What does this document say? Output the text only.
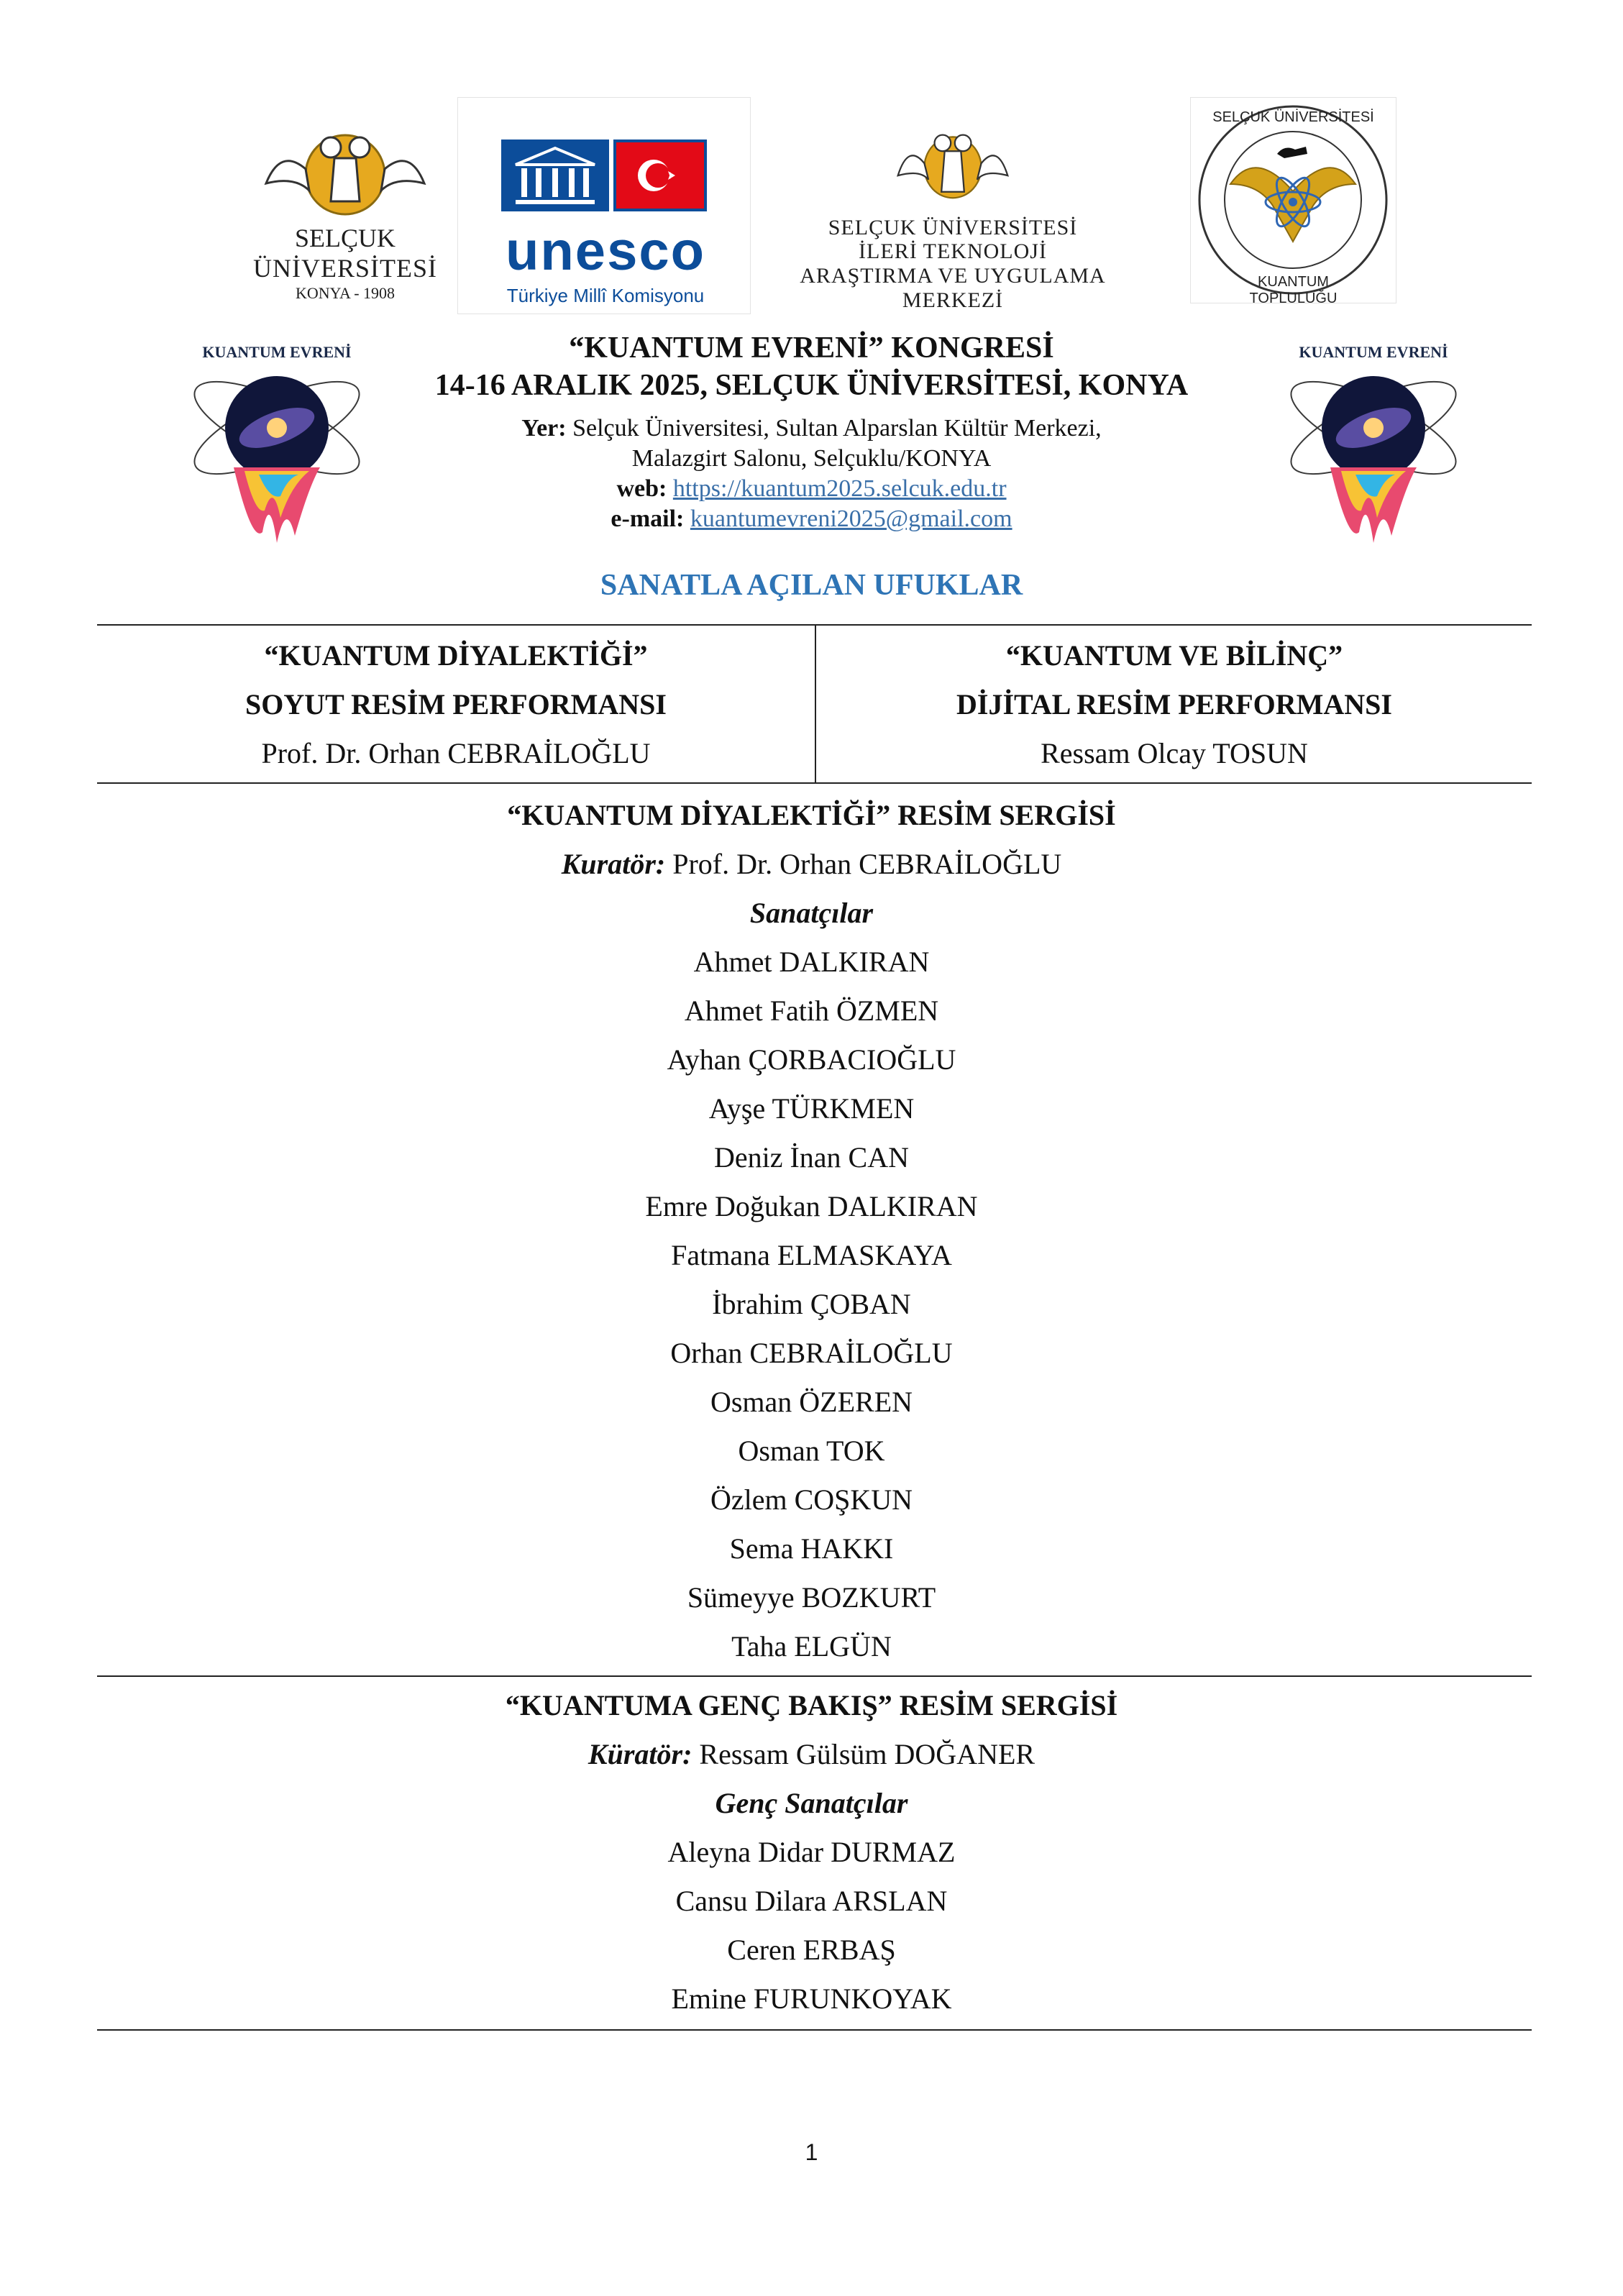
SELÇUK
ÜNİVERSİTESİ
KONYA - 1908
unesco
Türkiye Millî Komisyonu
SELÇUK ÜNİVERSİTESİ
İLERİ TEKNOLOJİ
ARAŞTIRMA VE UYGULAMA MERKEZİ
SELÇUK ÜNİVERSİTESİ
KUANTUM TOPLULUĞU
KUANTUM EVRENİ	KUANTUM EVRENİ
“KUANTUM EVRENİ” KONGRESİ
14-16 ARALIK 2025, SELÇUK ÜNİVERSİTESİ, KONYA
Yer: Selçuk Üniversitesi, Sultan Alparslan Kültür Merkezi,
Malazgirt Salonu, Selçuklu/KONYA
web: https://kuantum2025.selcuk.edu.tr
e-mail: kuantumevreni2025@gmail.com
SANATLA AÇILAN UFUKLAR
“KUANTUM DİYALEKTİĞİ”
SOYUT RESİM PERFORMANSI
Prof. Dr. Orhan CEBRAİLOĞLU
“KUANTUM VE BİLİNÇ”
DİJİTAL RESİM PERFORMANSI
Ressam Olcay TOSUN
“KUANTUM DİYALEKTİĞİ” RESİM SERGİSİ
Kuratör: Prof. Dr. Orhan CEBRAİLOĞLU
Sanatçılar
Ahmet DALKIRAN
Ahmet Fatih ÖZMEN
Ayhan ÇORBACIOĞLU
Ayşe TÜRKMEN
Deniz İnan CAN
Emre Doğukan DALKIRAN
Fatmana ELMASKAYA
İbrahim ÇOBAN
Orhan CEBRAİLOĞLU
Osman ÖZEREN
Osman TOK
Özlem COŞKUN
Sema HAKKI
Sümeyye BOZKURT
Taha ELGÜN
“KUANTUMA GENÇ BAKIŞ” RESİM SERGİSİ
Küratör: Ressam Gülsüm DOĞANER
Genç Sanatçılar
Aleyna Didar DURMAZ
Cansu Dilara ARSLAN
Ceren ERBAŞ
Emine FURUNKOYAK
1
